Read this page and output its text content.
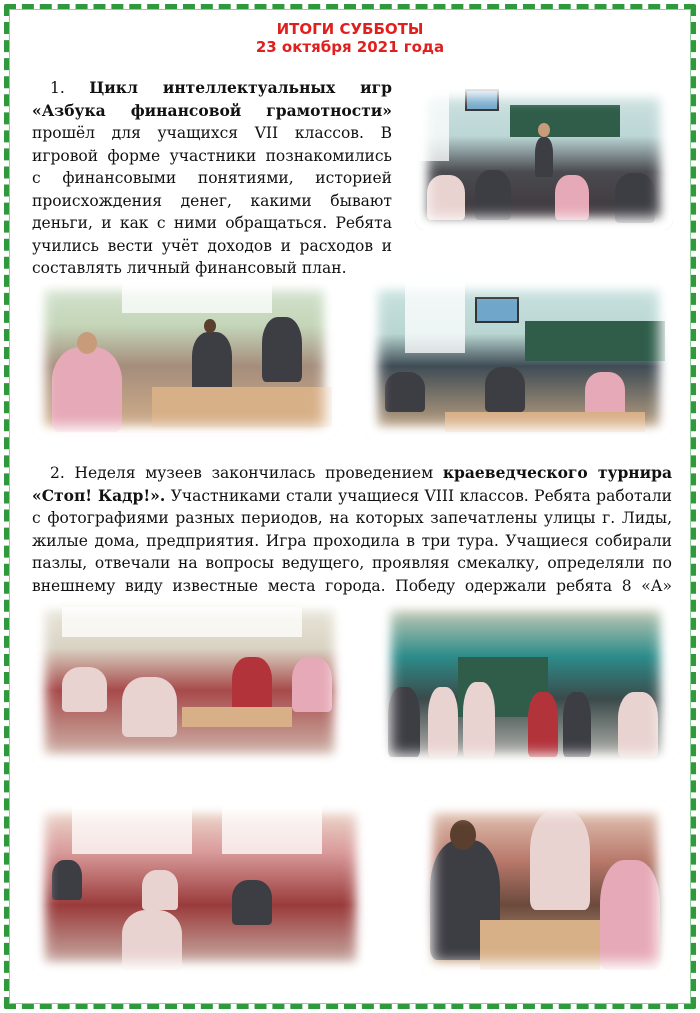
ИТОГИ СУББОТЫ
23 октября 2021 года

1. Цикл интеллектуальных игр «Азбука финансовой грамотности» прошёл для учащихся VII классов. В игровой форме участники познакомились с финансовыми понятиями, историей происхождения денег, какими бывают деньги, и как с ними обращаться. Ребята учились вести учёт доходов и расходов и составлять личный финансовый план.

2. Неделя музеев закончилась проведением краеведческого турнира «Стоп! Кадр!». Участниками стали учащиеся VIII классов. Ребята работали с фотографиями разных периодов, на которых запечатлены улицы г. Лиды, жилые дома, предприятия. Игра проходила в три тура. Учащиеся собирали пазлы, отвечали на вопросы ведущего, проявляя смекалку, определяли по внешнему виду известные места города. Победу одержали ребята 8 «А»
